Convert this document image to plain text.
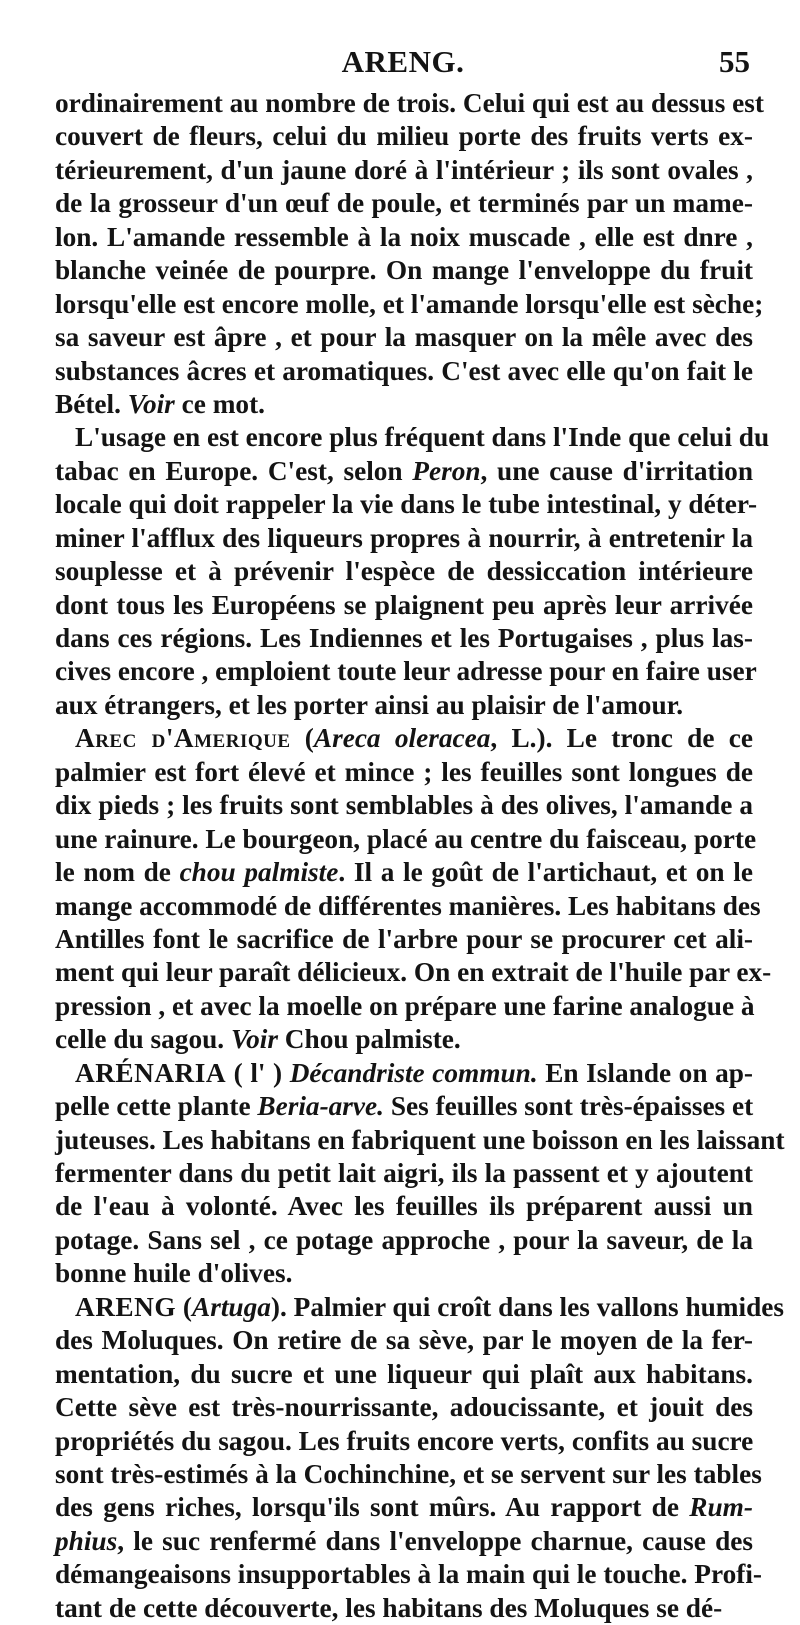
ARENG.	55
ordinairement au nombre de trois. Celui qui est au dessus est
couvert de fleurs, celui du milieu porte des fruits verts ex-
térieurement, d'un jaune doré à l'intérieur ; ils sont ovales ,
de la grosseur d'un œuf de poule, et terminés par un mame-
lon. L'amande ressemble à la noix muscade , elle est dnre ,
blanche veinée de pourpre. On mange l'enveloppe du fruit
lorsqu'elle est encore molle, et l'amande lorsqu'elle est sèche;
sa saveur est âpre , et pour la masquer on la mêle avec des
substances âcres et aromatiques. C'est avec elle qu'on fait le
Bétel. Voir ce mot.
L'usage en est encore plus fréquent dans l'Inde que celui du
tabac en Europe. C'est, selon Peron, une cause d'irritation
locale qui doit rappeler la vie dans le tube intestinal, y déter-
miner l'afflux des liqueurs propres à nourrir, à entretenir la
souplesse et à prévenir l'espèce de dessiccation intérieure
dont tous les Européens se plaignent peu après leur arrivée
dans ces régions. Les Indiennes et les Portugaises , plus las-
cives encore , emploient toute leur adresse pour en faire user
aux étrangers, et les porter ainsi au plaisir de l'amour.
Arec d'Amerique (Areca oleracea, L.). Le tronc de ce
palmier est fort élevé et mince ; les feuilles sont longues de
dix pieds ; les fruits sont semblables à des olives, l'amande a
une rainure. Le bourgeon, placé au centre du faisceau, porte
le nom de chou palmiste. Il a le goût de l'artichaut, et on le
mange accommodé de différentes manières. Les habitans des
Antilles font le sacrifice de l'arbre pour se procurer cet ali-
ment qui leur paraît délicieux. On en extrait de l'huile par ex-
pression , et avec la moelle on prépare une farine analogue à
celle du sagou. Voir Chou palmiste.
ARÉNARIA ( l' ) Décandriste commun. En Islande on ap-
pelle cette plante Beria-arve. Ses feuilles sont très-épaisses et
juteuses. Les habitans en fabriquent une boisson en les laissant
fermenter dans du petit lait aigri, ils la passent et y ajoutent
de l'eau à volonté. Avec les feuilles ils préparent aussi un
potage. Sans sel , ce potage approche , pour la saveur, de la
bonne huile d'olives.
ARENG (Artuga). Palmier qui croît dans les vallons humides
des Moluques. On retire de sa sève, par le moyen de la fer-
mentation, du sucre et une liqueur qui plaît aux habitans.
Cette sève est très-nourrissante, adoucissante, et jouit des
propriétés du sagou. Les fruits encore verts, confits au sucre
sont très-estimés à la Cochinchine, et se servent sur les tables
des gens riches, lorsqu'ils sont mûrs. Au rapport de Rum-
phius, le suc renfermé dans l'enveloppe charnue, cause des
démangeaisons insupportables à la main qui le touche. Profi-
tant de cette découverte, les habitans des Moluques se dé-
